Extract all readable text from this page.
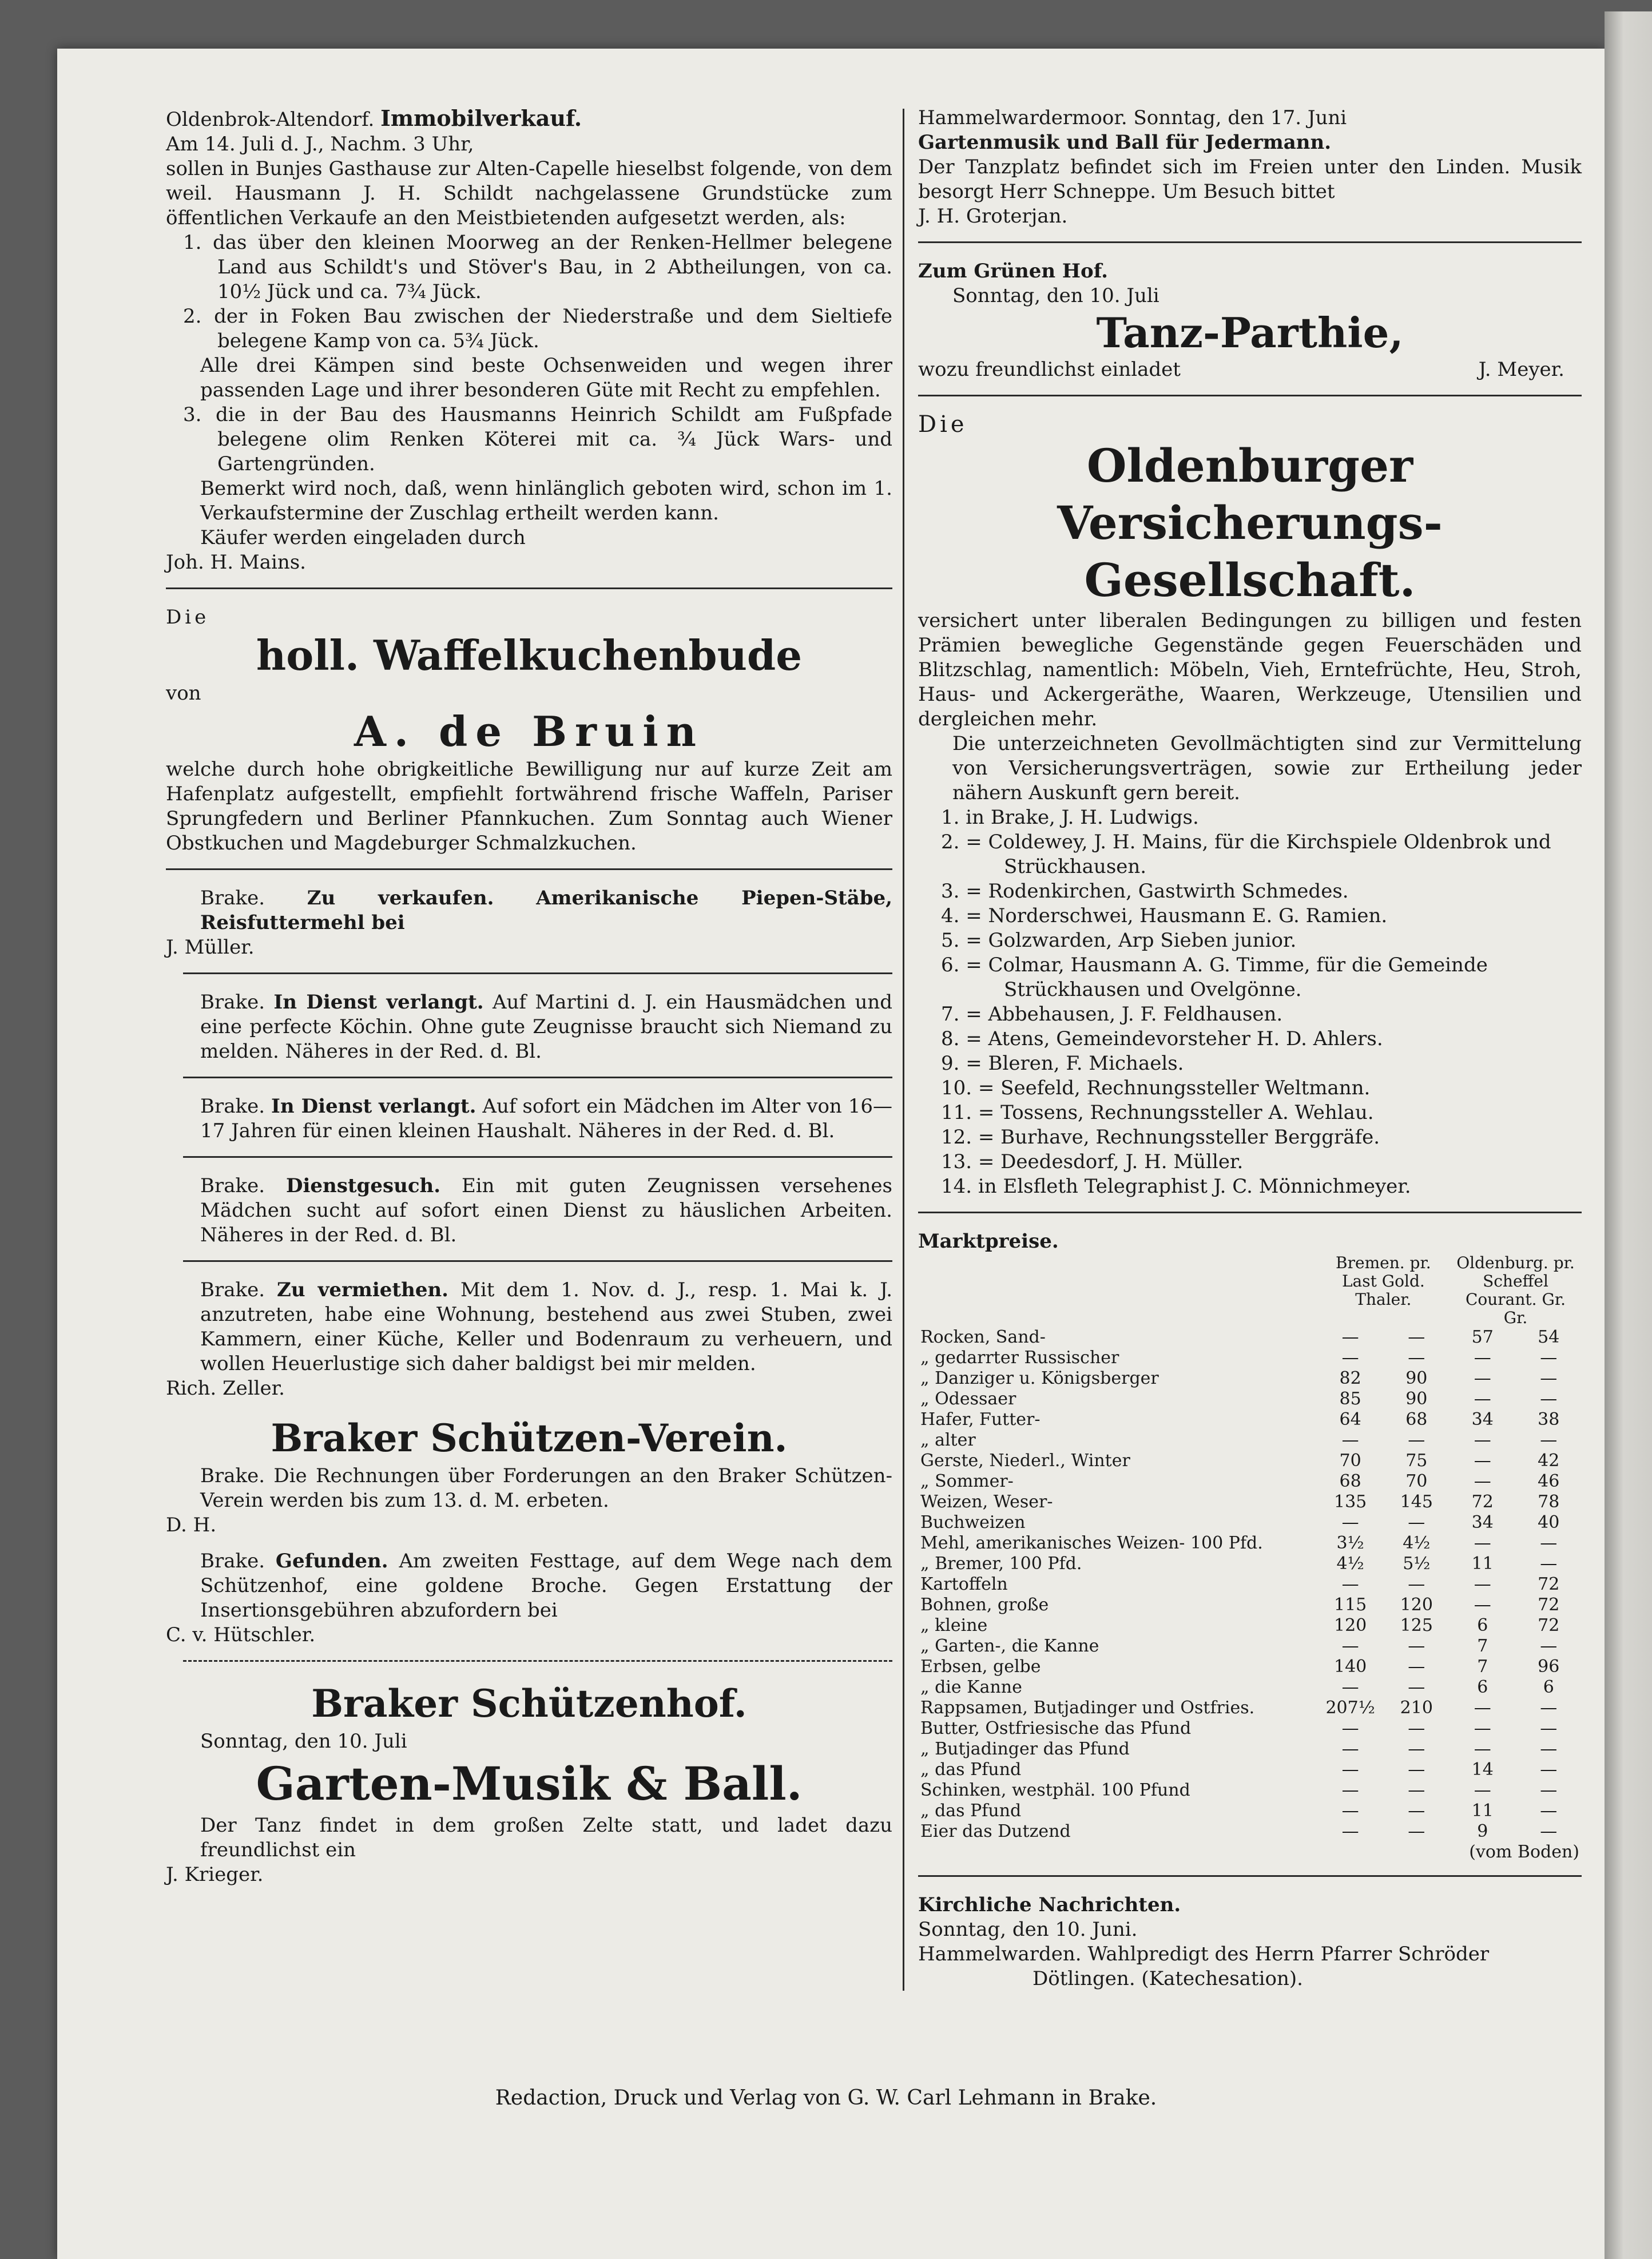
Oldenbrok-Altendorf. Immobilverkauf.

Am 14. Juli d. J., Nachm. 3 Uhr,

sollen in Bunjes Gasthause zur Alten-Capelle hieselbst folgende, von dem weil. Hausmann J. H. Schildt nachgelassene Grundstücke zum öffentlichen Verkaufe an den Meistbietenden aufgesetzt werden, als:

1. das über den kleinen Moorweg an der Renken-Hellmer belegene Land aus Schildt's und Stöver's Bau, in 2 Abtheilungen, von ca. 10½ Jück und ca. 7¾ Jück.

2. der in Foken Bau zwischen der Niederstraße und dem Sieltiefe belegene Kamp von ca. 5¾ Jück.

Alle drei Kämpen sind beste Ochsenweiden und wegen ihrer passenden Lage und ihrer besonderen Güte mit Recht zu empfehlen.

3. die in der Bau des Hausmanns Heinrich Schildt am Fußpfade belegene olim Renken Köterei mit ca. ¾ Jück Wars- und Gartengründen.

Bemerkt wird noch, daß, wenn hinlänglich geboten wird, schon im 1. Verkaufstermine der Zuschlag ertheilt werden kann.

Käufer werden eingeladen durch

Joh. H. Mains.

Die

holl. Waffelkuchenbude

von

A. de Bruin

welche durch hohe obrigkeitliche Bewilligung nur auf kurze Zeit am Hafenplatz aufgestellt, empfiehlt fortwährend frische Waffeln, Pariser Sprungfedern und Berliner Pfannkuchen. Zum Sonntag auch Wiener Obstkuchen und Magdeburger Schmalzkuchen.

Brake. Zu verkaufen. Amerikanische Piepen-Stäbe, Reisfuttermehl bei

J. Müller.

Brake. In Dienst verlangt. Auf Martini d. J. ein Hausmädchen und eine perfecte Köchin. Ohne gute Zeugnisse braucht sich Niemand zu melden. Näheres in der Red. d. Bl.

Brake. In Dienst verlangt. Auf sofort ein Mädchen im Alter von 16—17 Jahren für einen kleinen Haushalt. Näheres in der Red. d. Bl.

Brake. Dienstgesuch. Ein mit guten Zeugnissen versehenes Mädchen sucht auf sofort einen Dienst zu häuslichen Arbeiten. Näheres in der Red. d. Bl.

Brake. Zu vermiethen. Mit dem 1. Nov. d. J., resp. 1. Mai k. J. anzutreten, habe eine Wohnung, bestehend aus zwei Stuben, zwei Kammern, einer Küche, Keller und Bodenraum zu verheuern, und wollen Heuerlustige sich daher baldigst bei mir melden.

Rich. Zeller.

Braker Schützen-Verein.

Brake. Die Rechnungen über Forderungen an den Braker Schützen-Verein werden bis zum 13. d. M. erbeten.

D. H.

Brake. Gefunden. Am zweiten Festtage, auf dem Wege nach dem Schützenhof, eine goldene Broche. Gegen Erstattung der Insertionsgebühren abzufordern bei

C. v. Hütschler.

Braker Schützenhof.

Sonntag, den 10. Juli

Garten-Musik & Ball.

Der Tanz findet in dem großen Zelte statt, und ladet dazu freundlichst ein

J. Krieger.

Hammelwardermoor. Sonntag, den 17. Juni

Gartenmusik und Ball für Jedermann.

Der Tanzplatz befindet sich im Freien unter den Linden. Musik besorgt Herr Schneppe. Um Besuch bittet

J. H. Groterjan.

Zum Grünen Hof.

Sonntag, den 10. Juli

Tanz-Parthie,

wozu freundlichst einladet	J. Meyer.

Die

Oldenburger Versicherungs-
Gesellschaft.

versichert unter liberalen Bedingungen zu billigen und festen Prämien bewegliche Gegenstände gegen Feuerschäden und Blitzschlag, namentlich: Möbeln, Vieh, Erntefrüchte, Heu, Stroh, Haus- und Ackergeräthe, Waaren, Werkzeuge, Utensilien und dergleichen mehr.

Die unterzeichneten Gevollmächtigten sind zur Vermittelung von Versicherungsverträgen, sowie zur Ertheilung jeder nähern Auskunft gern bereit.

1. in Brake, J. H. Ludwigs.
2. = Coldewey, J. H. Mains, für die Kirchspiele Oldenbrok und Strückhausen.
3. = Rodenkirchen, Gastwirth Schmedes.
4. = Norderschwei, Hausmann E. G. Ramien.
5. = Golzwarden, Arp Sieben junior.
6. = Colmar, Hausmann A. G. Timme, für die Gemeinde Strückhausen und Ovelgönne.
7. = Abbehausen, J. F. Feldhausen.
8. = Atens, Gemeindevorsteher H. D. Ahlers.
9. = Bleren, F. Michaels.
10. = Seefeld, Rechnungssteller Weltmann.
11. = Tossens, Rechnungssteller A. Wehlau.
12. = Burhave, Rechnungssteller Berggräfe.
13. = Deedesdorf, J. H. Müller.
14. in Elsfleth Telegraphist J. C. Mönnichmeyer.

Marktpreise.

	Bremen. pr. Last Gold. Thaler.		Oldenburg. pr. Scheffel Courant. Gr. Gr.	
Rocken, Sand-	—	—	57	54
„ gedarrter Russischer	—	—	—	—
„ Danziger u. Königsberger	82	90	—	—
„ Odessaer	85	90	—	—
Hafer, Futter-	64	68	34	38
„ alter	—	—	—	—
Gerste, Niederl., Winter	70	75	—	42
„ Sommer-	68	70	—	46
Weizen, Weser-	135	145	72	78
Buchweizen	—	—	34	40
Mehl, amerikanisches Weizen- 100 Pfd.	3½	4½	—	—
„ Bremer, 100 Pfd.	4½	5½	11	—
Kartoffeln	—	—	—	72
Bohnen, große	115	120	—	72
„ kleine	120	125	6	72
„ Garten-, die Kanne	—	—	7	—
Erbsen, gelbe	140	—	7	96
„ die Kanne	—	—	6	6
Rappsamen, Butjadinger und Ostfries.	207½	210	—	—
Butter, Ostfriesische das Pfund	—	—	—	—
„ Butjadinger das Pfund	—	—	—	—
„ das Pfund	—	—	14	—
Schinken, westphäl. 100 Pfund	—	—	—	—
„ das Pfund	—	—	11	—
Eier das Dutzend	—	—	9	—
(vom Boden)				

Kirchliche Nachrichten.

Sonntag, den 10. Juni.

Hammelwarden. Wahlpredigt des Herrn Pfarrer Schröder

Dötlingen. (Katechesation).

Redaction, Druck und Verlag von G. W. Carl Lehmann in Brake.
